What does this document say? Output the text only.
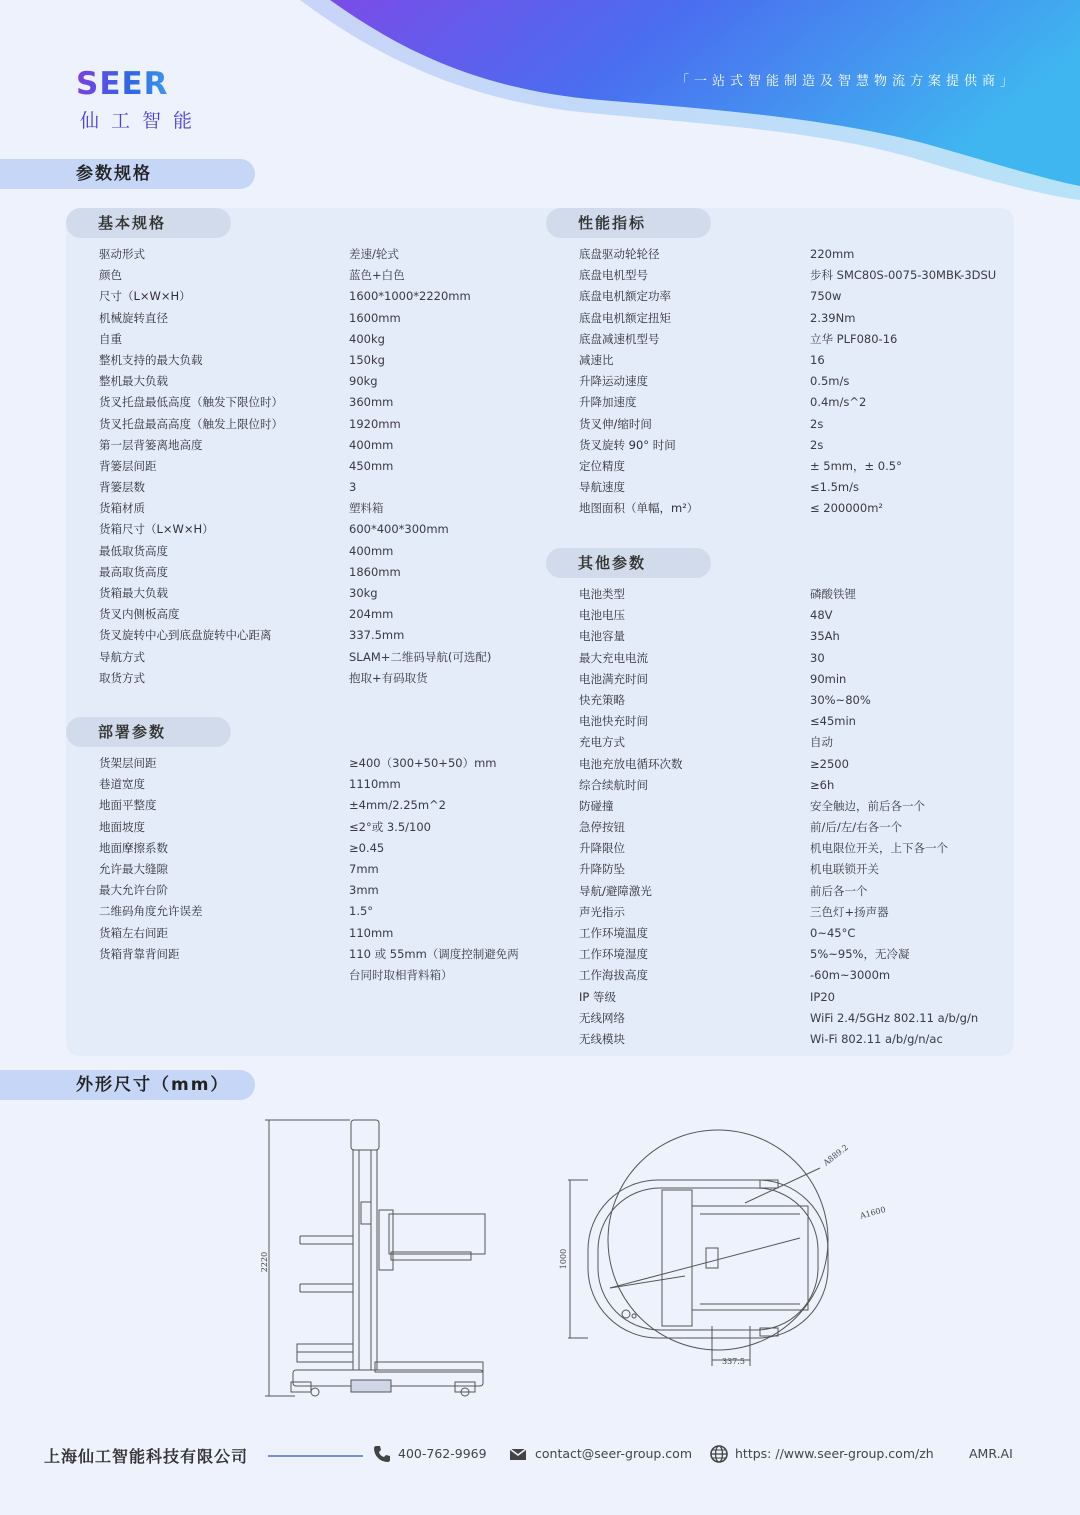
SEER
仙工智能
「一站式智能制造及智慧物流方案提供商」
参数规格
基本规格	性能指标
部署参数
其他参数
驱动形式	差速/轮式
颜色	蓝色+白色
尺寸（L×W×H）	1600*1000*2220mm
机械旋转直径	1600mm
自重	400kg
整机支持的最大负载	150kg
整机最大负载	90kg
货叉托盘最低高度（触发下限位时）	360mm
货叉托盘最高高度（触发上限位时）	1920mm
第一层背篓离地高度	400mm
背篓层间距	450mm
背篓层数	3
货箱材质	塑料箱
货箱尺寸（L×W×H）	600*400*300mm
最低取货高度	400mm
最高取货高度	1860mm
货箱最大负载	30kg
货叉内侧板高度	204mm
货叉旋转中心到底盘旋转中心距离	337.5mm
导航方式	SLAM+二维码导航(可选配)
取货方式	抱取+有码取货
货架层间距	≥400（300+50+50）mm
巷道宽度	1110mm
地面平整度	±4mm/2.25m^2
地面坡度	≤2°或 3.5/100
地面摩擦系数	≥0.45
允许最大缝隙	7mm
最大允许台阶	3mm
二维码角度允许误差	1.5°
货箱左右间距	110mm
货箱背靠背间距	110 或 55mm（调度控制避免两台同时取相背料箱）
底盘驱动轮轮径	220mm
底盘电机型号	步科 SMC80S-0075-30MBK-3DSU
底盘电机额定功率	750w
底盘电机额定扭矩	2.39Nm
底盘减速机型号	立华 PLF080-16
减速比	16
升降运动速度	0.5m/s
升降加速度	0.4m/s^2
货叉伸/缩时间	2s
货叉旋转 90° 时间	2s
定位精度	± 5mm，± 0.5°
导航速度	≤1.5m/s
地图面积（单幅，m²）	≤ 200000m²
电池类型	磷酸铁锂
电池电压	48V
电池容量	35Ah
最大充电电流	30
电池满充时间	90min
快充策略	30%~80%
电池快充时间	≤45min
充电方式	自动
电池充放电循环次数	≥2500
综合续航时间	≥6h
防碰撞	安全触边，前后各一个
急停按钮	前/后/左/右各一个
升降限位	机电限位开关，上下各一个
升降防坠	机电联锁开关
导航/避障激光	前后各一个
声光指示	三色灯+扬声器
工作环境温度	0~45°C
工作环境湿度	5%~95%，无冷凝
工作海拔高度	-60m~3000m
IP 等级	IP20
无线网络	WiFi 2.4/5GHz 802.11 a/b/g/n
无线模块	Wi-Fi 802.11 a/b/g/n/ac
外形尺寸（mm）
2220	1000
A889.2
A1600
337.5
上海仙工智能科技有限公司	400-762-9969	contact@seer-group.com	https: //www.seer-group.com/zh	AMR.AI
